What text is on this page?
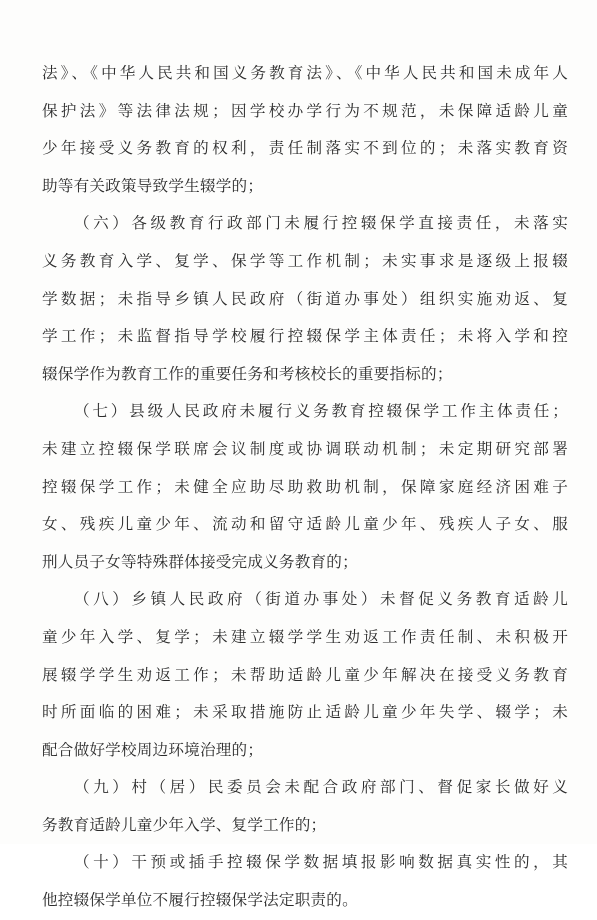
法》、《中华人民共和国义务教育法》、《中华人民共和国未成年人
保护法》等法律法规；因学校办学行为不规范，未保障适龄儿童
少年接受义务教育的权利，责任制落实不到位的；未落实教育资
助等有关政策导致学生辍学的；
（六）各级教育行政部门未履行控辍保学直接责任，未落实
义务教育入学、复学、保学等工作机制；未实事求是逐级上报辍
学数据；未指导乡镇人民政府（街道办事处）组织实施劝返、复
学工作；未监督指导学校履行控辍保学主体责任；未将入学和控
辍保学作为教育工作的重要任务和考核校长的重要指标的；
（七）县级人民政府未履行义务教育控辍保学工作主体责任；
未建立控辍保学联席会议制度或协调联动机制；未定期研究部署
控辍保学工作；未健全应助尽助救助机制，保障家庭经济困难子
女、残疾儿童少年、流动和留守适龄儿童少年、残疾人子女、服
刑人员子女等特殊群体接受完成义务教育的；
（八）乡镇人民政府（街道办事处）未督促义务教育适龄儿
童少年入学、复学；未建立辍学学生劝返工作责任制、未积极开
展辍学学生劝返工作；未帮助适龄儿童少年解决在接受义务教育
时所面临的困难；未采取措施防止适龄儿童少年失学、辍学；未
配合做好学校周边环境治理的；
（九）村（居）民委员会未配合政府部门、督促家长做好义
务教育适龄儿童少年入学、复学工作的；
（十）干预或插手控辍保学数据填报影响数据真实性的，其
他控辍保学单位不履行控辍保学法定职责的。
